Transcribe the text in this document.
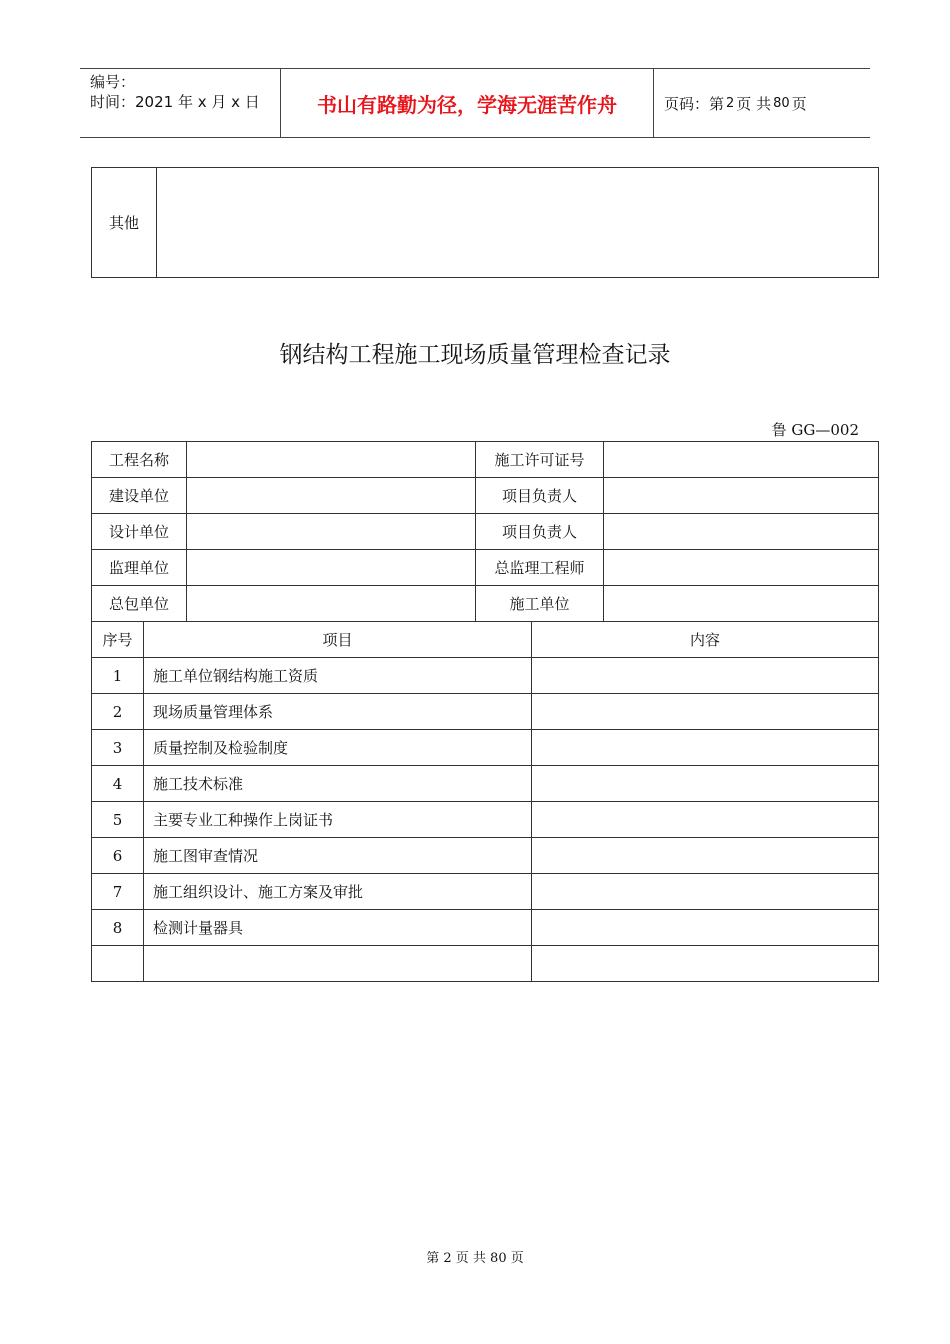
编号：
时间：2021 年 x 月 x 日	书山有路勤为径，学海无涯苦作舟	页码：第 2 页 共 80 页
其他	
钢结构工程施工现场质量管理检查记录
鲁 GG—002
工程名称		施工许可证号	
建设单位		项目负责人	
设计单位		项目负责人	
监理单位		总监理工程师	
总包单位		施工单位	
序号	项目	内容
1	施工单位钢结构施工资质	
2	现场质量管理体系	
3	质量控制及检验制度	
4	施工技术标准	
5	主要专业工种操作上岗证书	
6	施工图审查情况	
7	施工组织设计、施工方案及审批	
8	检测计量器具	

第 2 页 共 80 页
